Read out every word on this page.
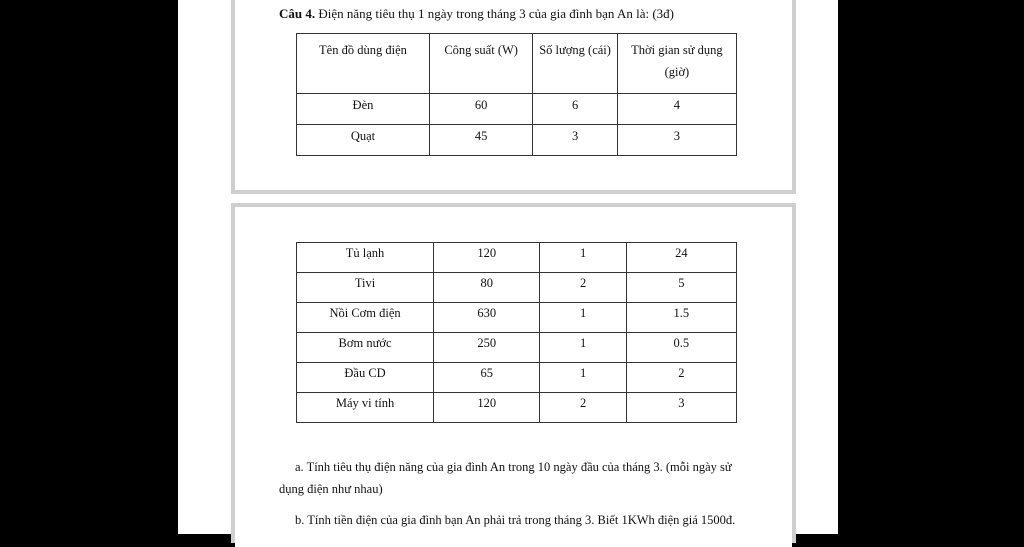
Câu 4. Điện năng tiêu thụ 1 ngày trong tháng 3 của gia đình bạn An là: (3đ)
Tên đồ dùng điện	Công suất (W)	Số lượng (cái)	Thời gian sử dụng (giờ)
Đèn	60	6	4
Quạt	45	3	3
Tủ lạnh	120	1	24
Tivi	80	2	5
Nồi Cơm điện	630	1	1.5
Bơm nước	250	1	0.5
Đầu CD	65	1	2
Máy vi tính	120	2	3
a. Tính tiêu thụ điện năng của gia đình An trong 10 ngày đầu của tháng 3. (mỗi ngày sử
dụng điện như nhau)
b. Tính tiền điện của gia đình bạn An phải trả trong tháng 3. Biết 1KWh điện giá 1500đ.
